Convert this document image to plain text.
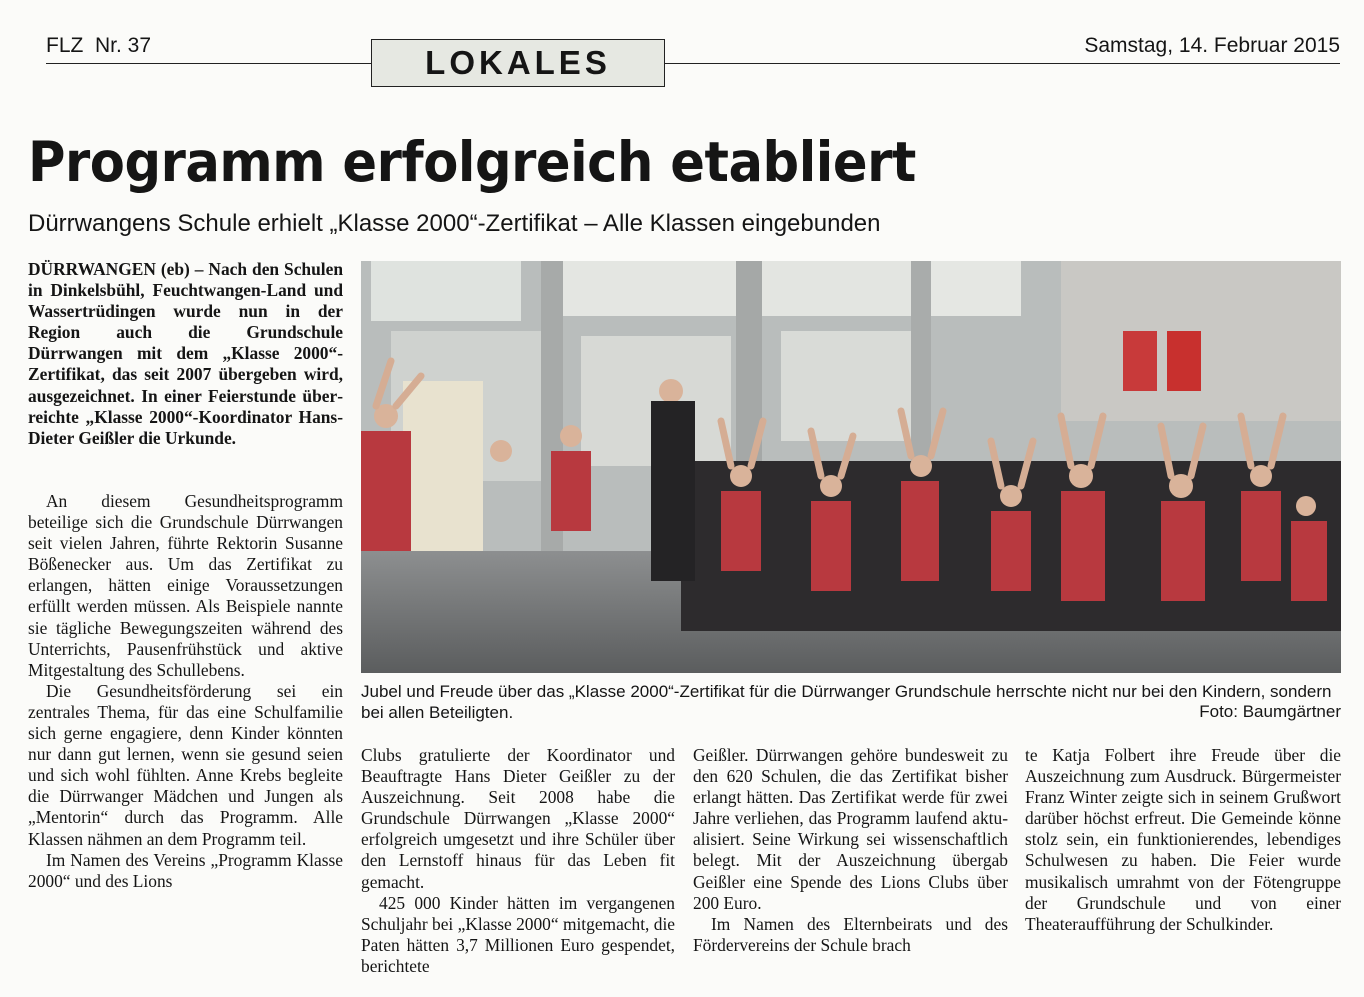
FLZ  Nr. 37	LOKALES	Samstag, 14. Februar 2015
Programm erfolgreich etabliert
Dürrwangens Schule erhielt „Klasse 2000“-Zertifikat – Alle Klassen eingebunden
DÜRRWANGEN (eb) – Nach den Schulen in Dinkelsbühl, Feuchtwangen-Land und Wassertrüdingen wurde nun in der Region auch die Grundschule Dürrwangen mit dem „Klasse 2000“-Zertifikat, das seit 2007 übergeben wird, ausgezeichnet. In einer Feierstunde überreichte „Klasse 2000“-Koordinator Hans-Dieter Geißler die Urkunde.

An diesem Gesundheitsprogramm beteilige sich die Grundschule Dürrwangen seit vielen Jahren, führte Rektorin Susanne Bößenecker aus. Um das Zertifikat zu erlangen, hätten einige Voraussetzungen erfüllt werden müssen. Als Beispiele nannte sie tägliche Bewegungszeiten während des Unterrichts, Pausenfrühstück und aktive Mitgestaltung des Schullebens.

Die Gesundheitsförderung sei ein zentrales Thema, für das eine Schulfamilie sich gerne engagiere, denn Kinder könnten nur dann gut lernen, wenn sie gesund seien und sich wohl fühlten. Anne Krebs begleite die Dürrwanger Mädchen und Jungen als „Mentorin“ durch das Programm. Alle Klassen nähmen an dem Programm teil.

Im Namen des Vereins „Programm Klasse 2000“ und des Lions

Clubs gratulierte der Koordinator und Beauftragte Hans Dieter Geißler zu der Auszeichnung. Seit 2008 habe die Grundschule Dürrwangen „Klasse 2000“ erfolgreich umgesetzt und ihre Schüler über den Lernstoff hinaus für das Leben fit gemacht.

425 000 Kinder hätten im vergangenen Schuljahr bei „Klasse 2000“ mitgemacht, die Paten hätten 3,7 Millionen Euro gespendet, berichtete

Geißler. Dürrwangen gehöre bundesweit zu den 620 Schulen, die das Zertifikat bisher erlangt hätten. Das Zertifikat werde für zwei Jahre verliehen, das Programm laufend aktualisiert. Seine Wirkung sei wissenschaftlich belegt. Mit der Auszeichnung übergab Geißler eine Spende des Lions Clubs über 200 Euro.

Im Namen des Elternbeirats und des Fördervereins der Schule brach

te Katja Folbert ihre Freude über die Auszeichnung zum Ausdruck. Bürgermeister Franz Winter zeigte sich in seinem Grußwort darüber höchst erfreut. Die Gemeinde könne stolz sein, ein funktionierendes, lebendiges Schulwesen zu haben. Die Feier wurde musikalisch umrahmt von der Fötengruppe der Grundschule und von einer Theateraufführung der Schulkinder.

Jubel und Freude über das „Klasse 2000“-Zertifikat für die Dürrwanger Grundschule herrschte nicht nur bei den Kindern, sondern bei allen Beteiligten.	Foto: Baumgärtner
